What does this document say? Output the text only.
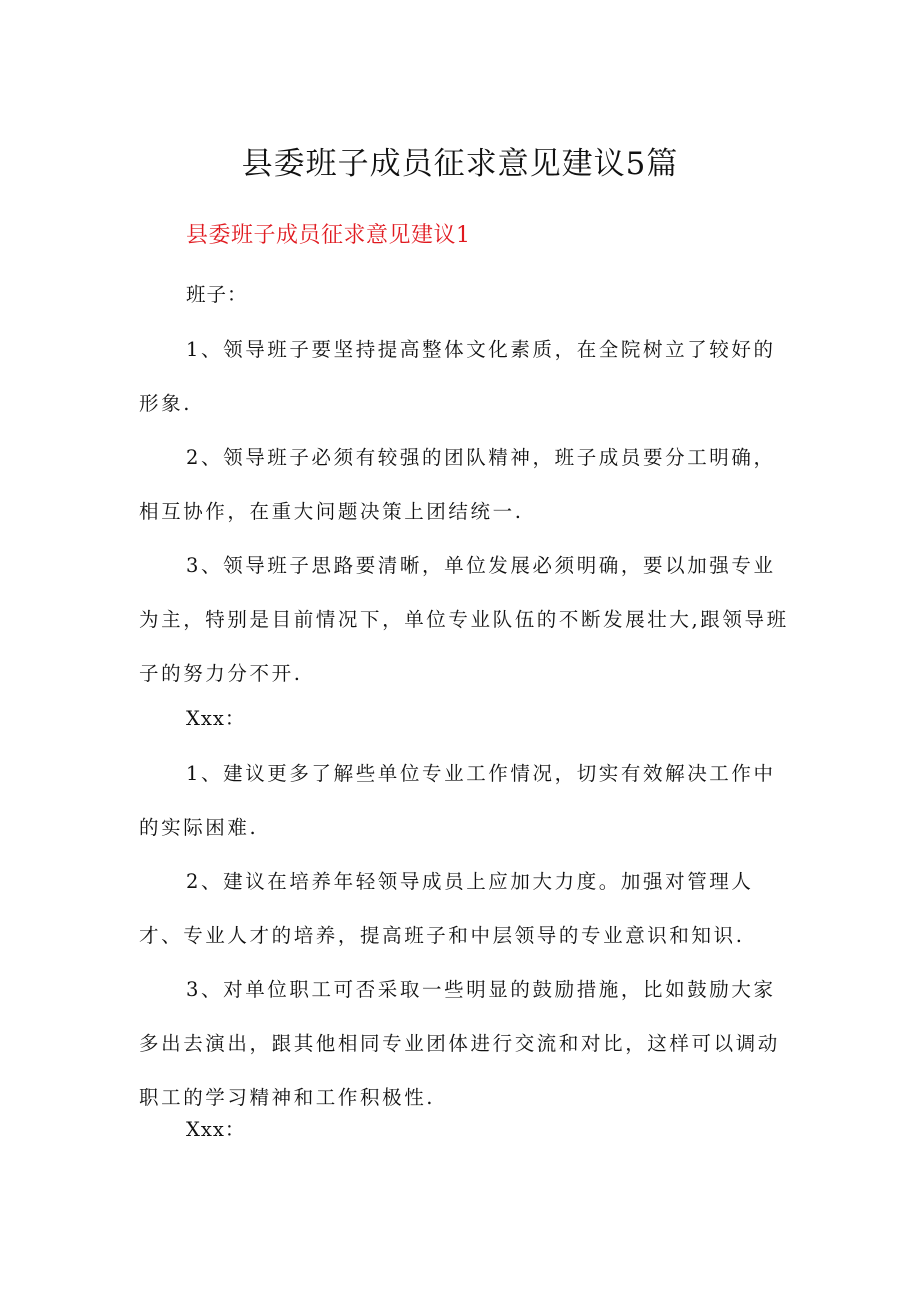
县委班子成员征求意见建议5篇
县委班子成员征求意见建议1

班子：

1、领导班子要坚持提高整体文化素质，在全院树立了较好的形象.

2、领导班子必须有较强的团队精神，班子成员要分工明确，相互协作，在重大问题决策上团结统一.

3、领导班子思路要清晰，单位发展必须明确，要以加强专业为主，特别是目前情况下，单位专业队伍的不断发展壮大,跟领导班子的努力分不开.

Xxx：

1、建议更多了解些单位专业工作情况，切实有效解决工作中的实际困难.

2、建议在培养年轻领导成员上应加大力度。加强对管理人才、专业人才的培养，提高班子和中层领导的专业意识和知识.

3、对单位职工可否采取一些明显的鼓励措施，比如鼓励大家多出去演出，跟其他相同专业团体进行交流和对比，这样可以调动职工的学习精神和工作积极性.

Xxx：
